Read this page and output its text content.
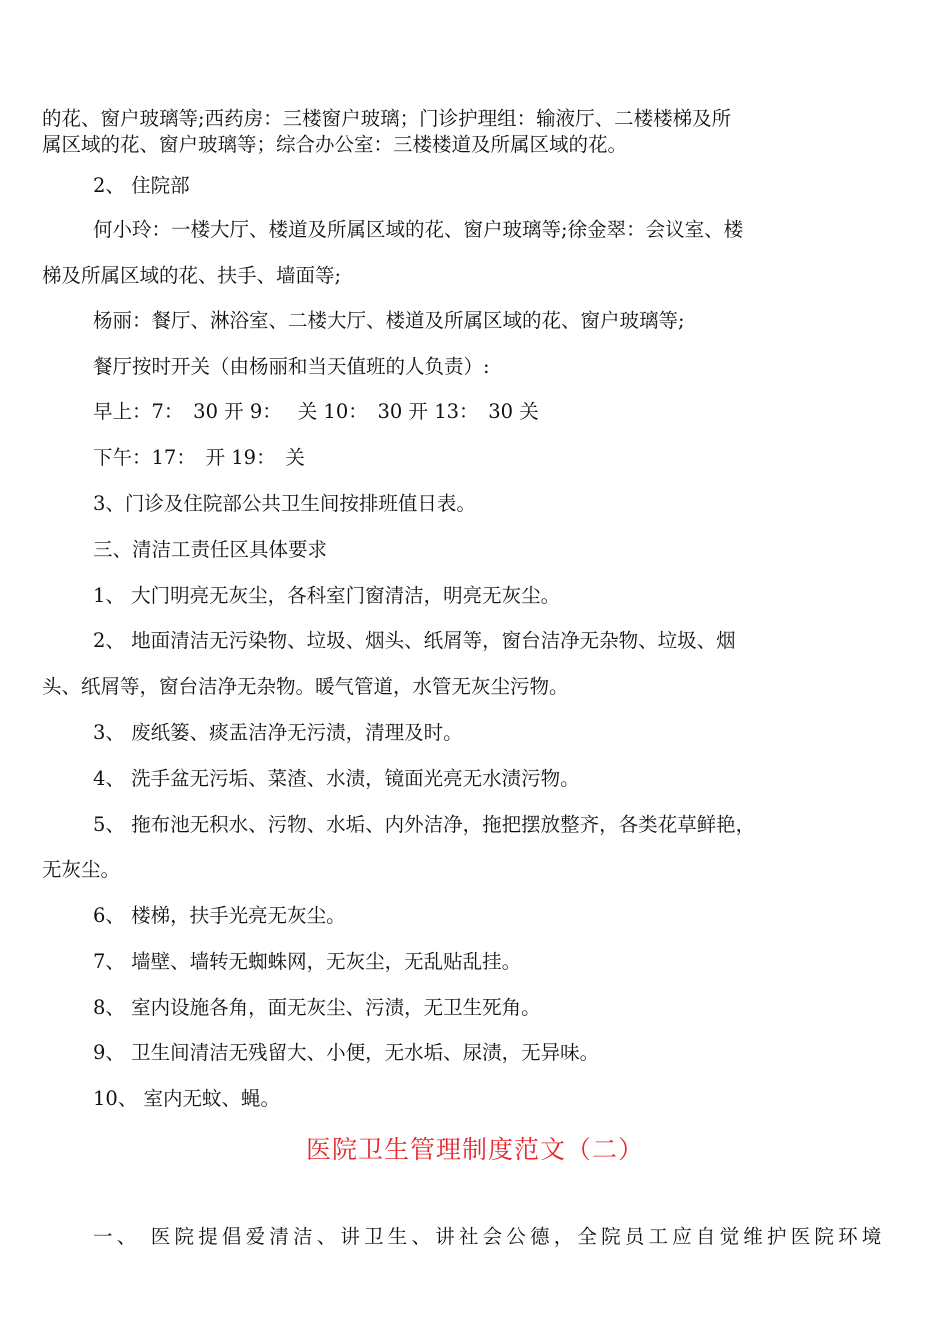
的花、窗户玻璃等;西药房：三楼窗户玻璃；门诊护理组：输液厅、二楼楼梯及所
属区域的花、窗户玻璃等；综合办公室：三楼楼道及所属区域的花。
2、 住院部
何小玲：一楼大厅、楼道及所属区域的花、窗户玻璃等;徐金翠：会议室、楼
梯及所属区域的花、扶手、墙面等;
杨丽：餐厅、淋浴室、二楼大厅、楼道及所属区域的花、窗户玻璃等;
餐厅按时开关（由杨丽和当天值班的人负责）:
早上：7：　30 开 9：　 关 10：　30 开 13：　30 关
下午：17：　开 19：　关
3、门诊及住院部公共卫生间按排班值日表。
三、清洁工责任区具体要求
1、 大门明亮无灰尘，各科室门窗清洁，明亮无灰尘。
2、 地面清洁无污染物、垃圾、烟头、纸屑等，窗台洁净无杂物、垃圾、烟
头、纸屑等，窗台洁净无杂物。暖气管道，水管无灰尘污物。
3、 废纸篓、痰盂洁净无污渍，清理及时。
4、 洗手盆无污垢、菜渣、水渍，镜面光亮无水渍污物。
5、 拖布池无积水、污物、水垢、内外洁净，拖把摆放整齐，各类花草鲜艳，
无灰尘。
6、 楼梯，扶手光亮无灰尘。
7、 墙壁、墙转无蜘蛛网，无灰尘，无乱贴乱挂。
8、 室内设施各角，面无灰尘、污渍，无卫生死角。
9、 卫生间清洁无残留大、小便，无水垢、尿渍，无异味。
10、 室内无蚊、蝇。
医院卫生管理制度范文（二）
一、 医院提倡爱清洁、讲卫生、讲社会公德，全院员工应自觉维护医院环境
